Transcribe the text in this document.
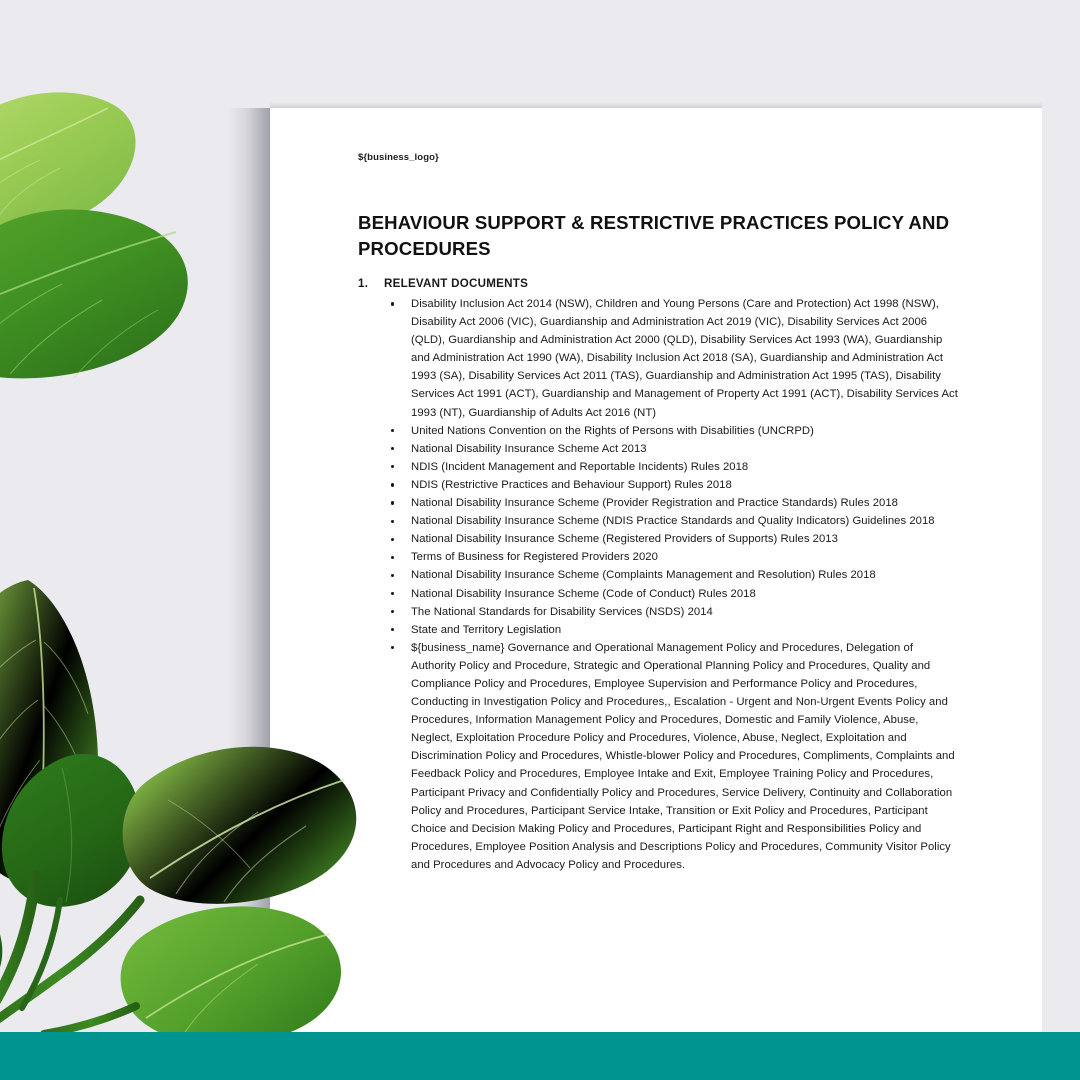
${business_logo}
BEHAVIOUR SUPPORT & RESTRICTIVE PRACTICES POLICY AND PROCEDURES
1.	RELEVANT DOCUMENTS
Disability Inclusion Act 2014 (NSW), Children and Young Persons (Care and Protection) Act 1998 (NSW), Disability Act 2006 (VIC), Guardianship and Administration Act 2019 (VIC), Disability Services Act 2006 (QLD), Guardianship and Administration Act 2000 (QLD), Disability Services Act 1993 (WA), Guardianship and Administration Act 1990 (WA), Disability Inclusion Act 2018 (SA), Guardianship and Administration Act 1993 (SA), Disability Services Act 2011 (TAS), Guardianship and Administration Act 1995 (TAS), Disability Services Act 1991 (ACT), Guardianship and Management of Property Act 1991 (ACT), Disability Services Act 1993 (NT), Guardianship of Adults Act 2016 (NT)
United Nations Convention on the Rights of Persons with Disabilities (UNCRPD)
National Disability Insurance Scheme Act 2013
NDIS (Incident Management and Reportable Incidents) Rules 2018
NDIS (Restrictive Practices and Behaviour Support) Rules 2018
National Disability Insurance Scheme (Provider Registration and Practice Standards) Rules 2018
National Disability Insurance Scheme (NDIS Practice Standards and Quality Indicators) Guidelines 2018
National Disability Insurance Scheme (Registered Providers of Supports) Rules 2013
Terms of Business for Registered Providers 2020
National Disability Insurance Scheme (Complaints Management and Resolution) Rules 2018
National Disability Insurance Scheme (Code of Conduct) Rules 2018
The National Standards for Disability Services (NSDS) 2014
State and Territory Legislation
${business_name} Governance and Operational Management Policy and Procedures, Delegation of Authority Policy and Procedure, Strategic and Operational Planning Policy and Procedures, Quality and Compliance Policy and Procedures, Employee Supervision and Performance Policy and Procedures, Conducting in Investigation Policy and Procedures,, Escalation - Urgent and Non-Urgent Events Policy and Procedures, Information Management Policy and Procedures, Domestic and Family Violence, Abuse, Neglect, Exploitation Procedure Policy and Procedures, Violence, Abuse, Neglect, Exploitation and Discrimination Policy and Procedures, Whistle-blower Policy and Procedures, Compliments, Complaints and Feedback Policy and Procedures, Employee Intake and Exit, Employee Training Policy and Procedures, Participant Privacy and Confidentially Policy and Procedures, Service Delivery, Continuity and Collaboration Policy and Procedures, Participant Service Intake, Transition or Exit Policy and Procedures, Participant Choice and Decision Making Policy and Procedures, Participant Right and Responsibilities Policy and Procedures, Employee Position Analysis and Descriptions Policy and Procedures, Community Visitor Policy and Procedures and Advocacy Policy and Procedures.
